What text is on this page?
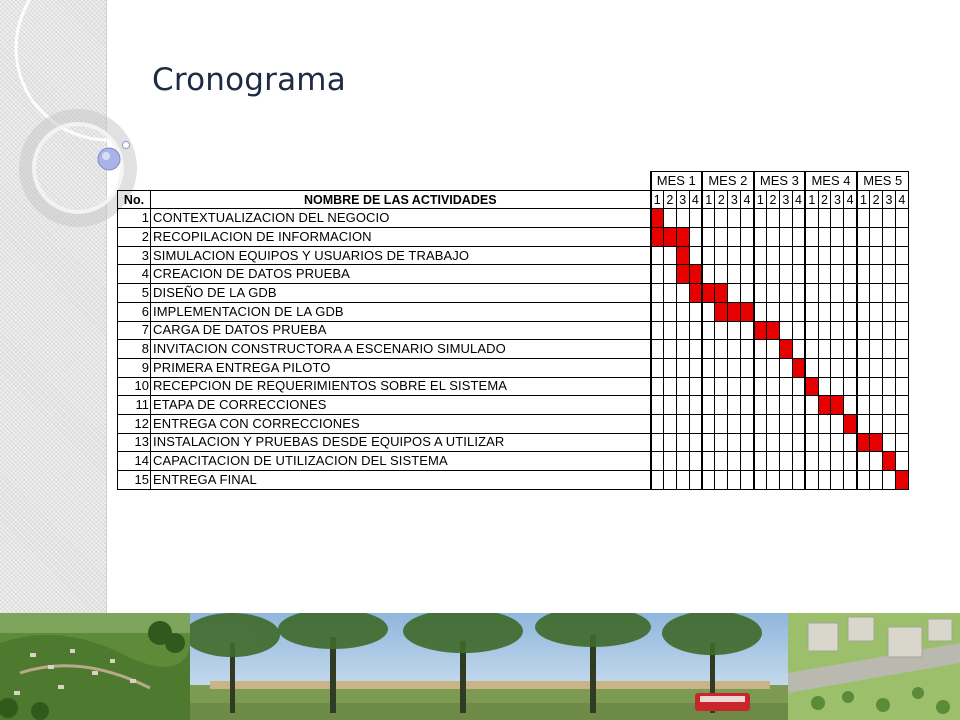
Cronograma
		MES 1				MES 2				MES 3				MES 4				MES 5			
No.	NOMBRE DE LAS ACTIVIDADES	1	2	3	4	1	2	3	4	1	2	3	4	1	2	3	4	1	2	3	4
1	CONTEXTUALIZACION DEL NEGOCIO																				
2	RECOPILACION DE INFORMACION																				
3	SIMULACION EQUIPOS Y USUARIOS DE TRABAJO																				
4	CREACION DE DATOS PRUEBA																				
5	DISEÑO DE LA GDB																				
6	IMPLEMENTACION DE LA GDB																				
7	CARGA DE DATOS PRUEBA																				
8	INVITACION CONSTRUCTORA A ESCENARIO SIMULADO																				
9	PRIMERA ENTREGA PILOTO																				
10	RECEPCION DE REQUERIMIENTOS SOBRE EL SISTEMA																				
11	ETAPA DE CORRECCIONES																				
12	ENTREGA CON CORRECCIONES																				
13	INSTALACION Y PRUEBAS DESDE EQUIPOS A UTILIZAR																				
14	CAPACITACION DE UTILIZACION DEL SISTEMA																				
15	ENTREGA FINAL																				
